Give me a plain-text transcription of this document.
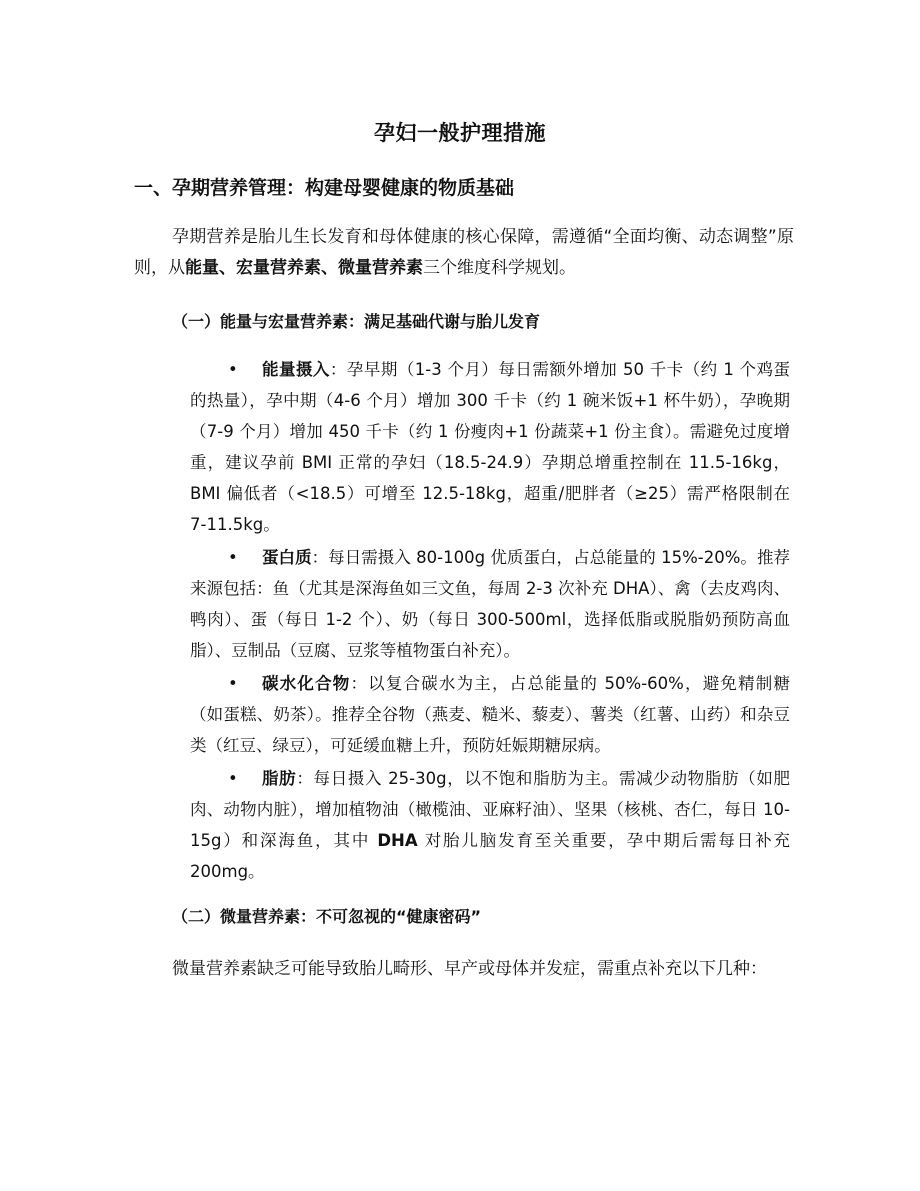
孕妇一般护理措施
一、孕期营养管理：构建母婴健康的物质基础
孕期营养是胎儿生长发育和母体健康的核心保障，需遵循“全面均衡、动态调整”原则，从能量、宏量营养素、微量营养素三个维度科学规划。
（一）能量与宏量营养素：满足基础代谢与胎儿发育
• 能量摄入：孕早期（1-3 个月）每日需额外增加 50 千卡（约 1 个鸡蛋的热量），孕中期（4-6 个月）增加 300 千卡（约 1 碗米饭+1 杯牛奶），孕晚期（7-9 个月）增加 450 千卡（约 1 份瘦肉+1 份蔬菜+1 份主食）。需避免过度增重，建议孕前 BMI 正常的孕妇（18.5-24.9）孕期总增重控制在 11.5-16kg，BMI 偏低者（<18.5）可增至 12.5-18kg，超重/肥胖者（≥25）需严格限制在 7-11.5kg。
• 蛋白质：每日需摄入 80-100g 优质蛋白，占总能量的 15%-20%。推荐来源包括：鱼（尤其是深海鱼如三文鱼，每周 2-3 次补充 DHA）、禽（去皮鸡肉、鸭肉）、蛋（每日 1-2 个）、奶（每日 300-500ml，选择低脂或脱脂奶预防高血脂）、豆制品（豆腐、豆浆等植物蛋白补充）。
• 碳水化合物：以复合碳水为主，占总能量的 50%-60%，避免精制糖（如蛋糕、奶茶）。推荐全谷物（燕麦、糙米、藜麦）、薯类（红薯、山药）和杂豆类（红豆、绿豆），可延缓血糖上升，预防妊娠期糖尿病。
• 脂肪：每日摄入 25-30g，以不饱和脂肪为主。需减少动物脂肪（如肥肉、动物内脏），增加植物油（橄榄油、亚麻籽油）、坚果（核桃、杏仁，每日 10-15g）和深海鱼，其中 DHA 对胎儿脑发育至关重要，孕中期后需每日补充 200mg。
（二）微量营养素：不可忽视的“健康密码”
微量营养素缺乏可能导致胎儿畸形、早产或母体并发症，需重点补充以下几种：
